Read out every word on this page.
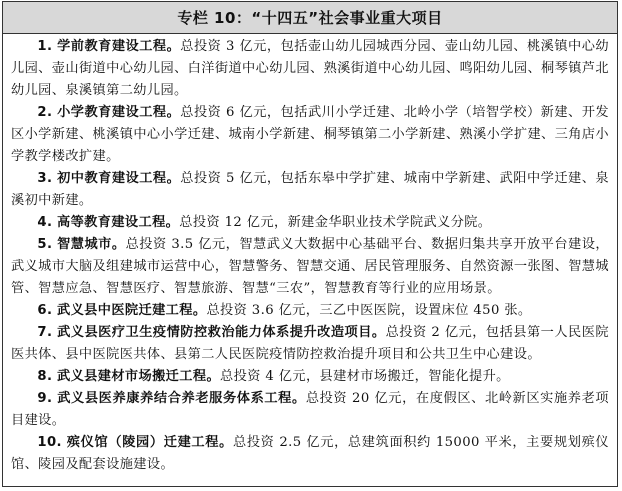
专栏 10：“十四五”社会事业重大项目

1. 学前教育建设工程。总投资 3 亿元，包括壶山幼儿园城西分园、壶山幼儿园、桃溪镇中心幼儿园、壶山街道中心幼儿园、白洋街道中心幼儿园、熟溪街道中心幼儿园、鸣阳幼儿园、桐琴镇芦北幼儿园、泉溪镇第二幼儿园。

2. 小学教育建设工程。总投资 6 亿元，包括武川小学迁建、北岭小学（培智学校）新建、开发区小学新建、桃溪镇中心小学迁建、城南小学新建、桐琴镇第二小学新建、熟溪小学扩建、三角店小学教学楼改扩建。

3. 初中教育建设工程。总投资 5 亿元，包括东皋中学扩建、城南中学新建、武阳中学迁建、泉溪初中新建。

4. 高等教育建设工程。总投资 12 亿元，新建金华职业技术学院武义分院。

5. 智慧城市。总投资 3.5 亿元，智慧武义大数据中心基础平台、数据归集共享开放平台建设，武义城市大脑及组建城市运营中心，智慧警务、智慧交通、居民管理服务、自然资源一张图、智慧城管、智慧应急、智慧医疗、智慧旅游、智慧“三农”，智慧教育等行业的应用场景。

6. 武义县中医院迁建工程。总投资 3.6 亿元，三乙中医医院，设置床位 450 张。

7. 武义县医疗卫生疫情防控救治能力体系提升改造项目。总投资 2 亿元，包括县第一人民医院医共体、县中医院医共体、县第二人民医院疫情防控救治提升项目和公共卫生中心建设。

8. 武义县建材市场搬迁工程。总投资 4 亿元，县建材市场搬迁，智能化提升。

9. 武义县医养康养结合养老服务体系工程。总投资 20 亿元，在度假区、北岭新区实施养老项目建设。

10. 殡仪馆（陵园）迁建工程。总投资 2.5 亿元，总建筑面积约 15000 平米，主要规划殡仪馆、陵园及配套设施建设。
